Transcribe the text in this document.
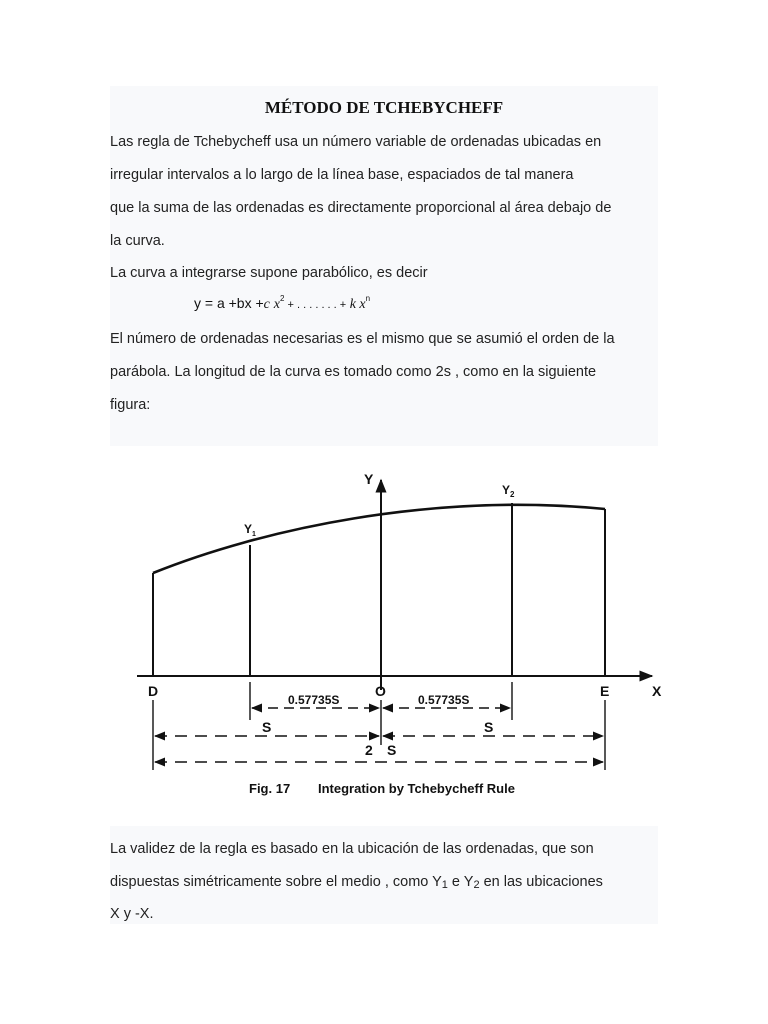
MÉTODO DE TCHEBYCHEFF
Las regla de Tchebycheff usa un número variable de ordenadas ubicadas en
irregular intervalos a lo largo de la línea base, espaciados de tal manera
que la suma de las ordenadas es directamente proporcional al área debajo de
la curva.
La curva a integrarse supone parabólico, es decir
y = a +bx +c $x^2$ + . . . . . . . + k $x^n$
El número de ordenadas necesarias es el mismo que se asumió el orden de la
parábola. La longitud de la curva es tomado como 2s , como en la siguiente
figura:
Y
$Y_1$
$Y_2$
D	O	E	X
0.57735S	0.57735S
S	S
2 S
Fig. 17 Integration by Tchebycheff Rule
La validez de la regla es basado en la ubicación de las ordenadas, que son
dispuestas simétricamente sobre el medio , como $Y_1$ e $Y_2$ en las ubicaciones
X y -X.
